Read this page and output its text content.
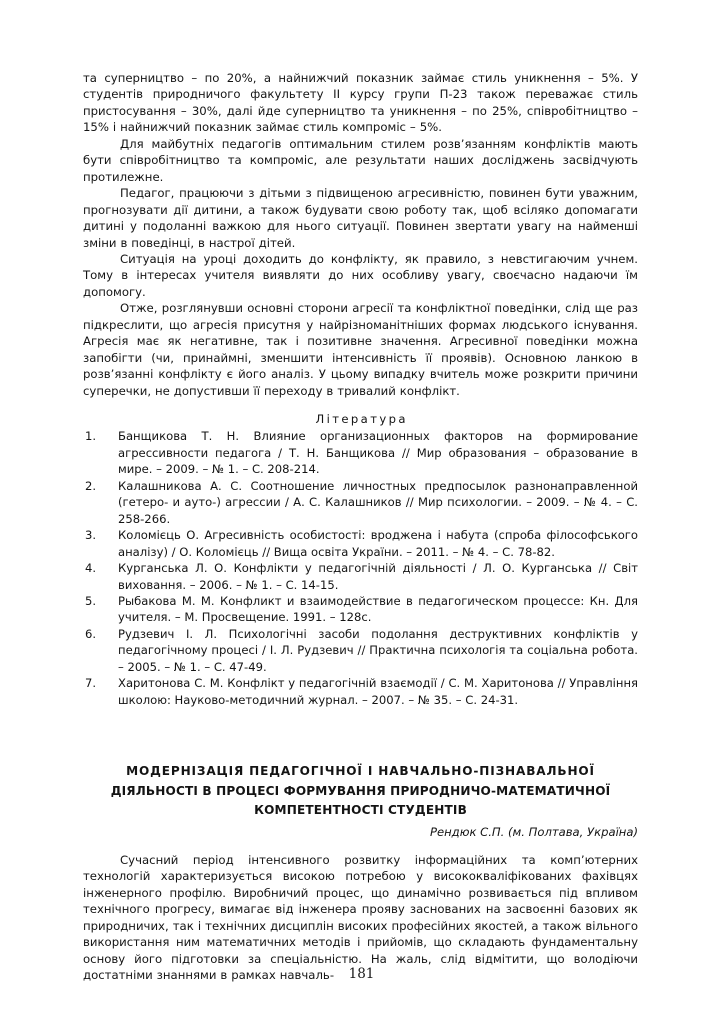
та суперництво – по 20%, а найнижчий показник займає стиль уникнення – 5%. У студентів природничого факультету II курсу групи П-23 також переважає стиль пристосування – 30%, далі йде суперництво та уникнення – по 25%, співробітництво – 15% і найнижчий показник займає стиль компроміс – 5%.

Для майбутніх педагогів оптимальним стилем розв’язанням конфліктів мають бути співробітництво та компроміс, але результати наших досліджень засвідчують протилежне.

Педагог, працюючи з дітьми з підвищеною агресивністю, повинен бути уважним, прогнозувати дії дитини, а також будувати свою роботу так, щоб всіляко допомагати дитині у подоланні важкою для нього ситуації. Повинен звертати увагу на найменші зміни в поведінці, в настрої дітей.

Ситуація на уроці доходить до конфлікту, як правило, з невстигаючим учнем. Тому в інтересах учителя виявляти до них особливу увагу, своєчасно надаючи їм допомогу.

Отже, розглянувши основні сторони агресії та конфліктної поведінки, слід ще раз підкреслити, що агресія присутня у найрізноманітніших формах людського існування. Агресія має як негативне, так і позитивне значення. Агресивної поведінки можна запобігти (чи, принаймні, зменшити інтенсивність її проявів). Основною ланкою в розв’язанні конфлікту є його аналіз. У цьому випадку вчитель може розкрити причини суперечки, не допустивши її переходу в тривалий конфлікт.

Література
1.	Банщикова Т. Н. Влияние организационных факторов на формирование агрессивности педагога / Т. Н. Банщикова // Мир образования – образование в мире. – 2009. – № 1. – С. 208-214.
2.	Калашникова А. С. Соотношение личностных предпосылок разнонаправленной (гетеро- и ауто-) агрессии / А. С. Калашников // Мир психологии. – 2009. – № 4. – С. 258-266.
3.	Коломієць О. Агресивність особистості: вроджена і набута (спроба філософського аналізу) / О. Коломієць // Вища освіта України. – 2011. – № 4. – С. 78-82.
4.	Курганська Л. О. Конфлікти у педагогічній діяльності / Л. О. Курганська // Світ виховання. – 2006. – № 1. – С. 14-15.
5.	Рыбакова М. М. Конфликт и взаимодействие в педагогическом процессе: Кн. Для учителя. – М. Просвещение. 1991. – 128с.
6.	Рудзевич І. Л. Психологічні засоби подолання деструктивних конфліктів у педагогічному процесі / І. Л. Рудзевич // Практична психологія та соціальна робота. – 2005. – № 1. – С. 47-49.
7.	Харитонова С. М. Конфлікт у педагогічній взаємодії / С. М. Харитонова // Управління школою: Науково-методичний журнал. – 2007. – № 35. – С. 24-31.
МОДЕРНІЗАЦІЯ ПЕДАГОГІЧНОЇ І НАВЧАЛЬНО-ПІЗНАВАЛЬНОЇ
ДІЯЛЬНОСТІ В ПРОЦЕСІ ФОРМУВАННЯ ПРИРОДНИЧО-МАТЕМАТИЧНОЇ
КОМПЕТЕНТНОСТІ СТУДЕНТІВ
Рендюк С.П. (м. Полтава, Україна)

Сучасний період інтенсивного розвитку інформаційних та комп’ютерних технологій характеризується високою потребою у висококваліфікованих фахівцях інженерного профілю. Виробничий процес, що динамічно розвивається під впливом технічного прогресу, вимагає від інженера прояву заснованих на засвоєнні базових як природничих, так і технічних дисциплін високих професійних якостей, а також вільного використання ним математичних методів і прийомів, що складають фундаментальну основу його підготовки за спеціальністю. На жаль, слід відмітити, що володіючи достатніми знаннями в рамках навчаль-	181
